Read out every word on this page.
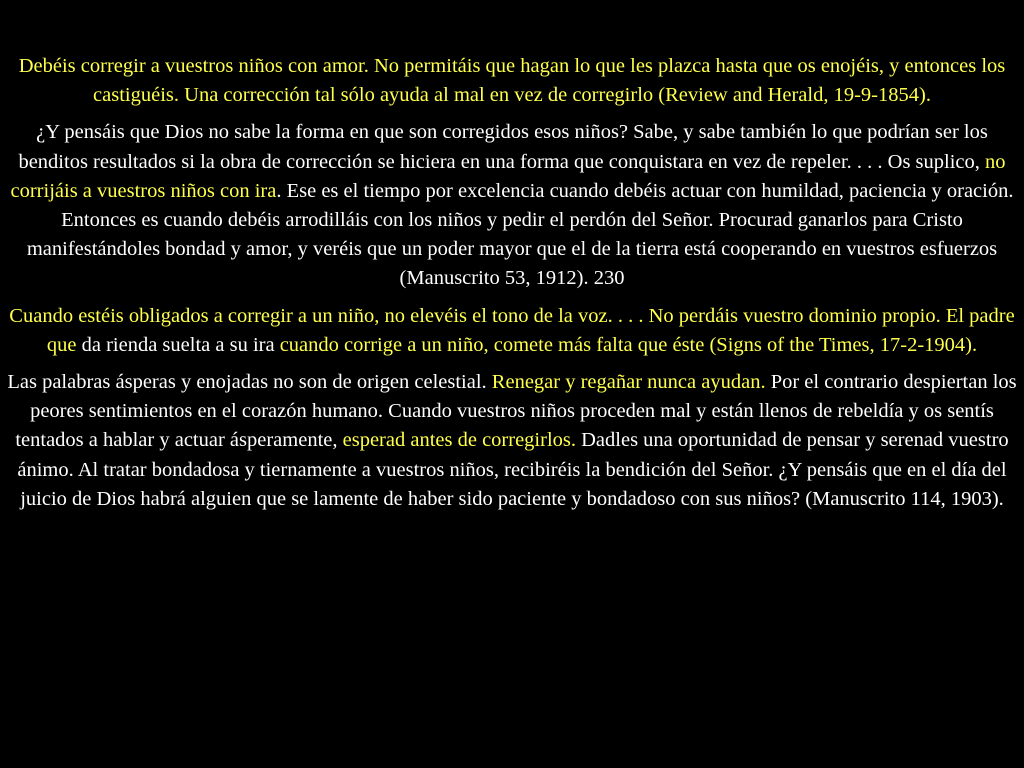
Debéis corregir a vuestros niños con amor. No permitáis que hagan lo que les plazca hasta que os enojéis, y entonces los castiguéis. Una corrección tal sólo ayuda al mal en vez de corregirlo (Review and Herald, 19-9-1854).

¿Y pensáis que Dios no sabe la forma en que son corregidos esos niños? Sabe, y sabe también lo que podrían ser los benditos resultados si la obra de corrección se hiciera en una forma que conquistara en vez de repeler. . . . Os suplico, no corrijáis a vuestros niños con ira. Ese es el tiempo por excelencia cuando debéis actuar con humildad, paciencia y oración. Entonces es cuando debéis arrodilláis con los niños y pedir el perdón del Señor. Procurad ganarlos para Cristo manifestándoles bondad y amor, y veréis que un poder mayor que el de la tierra está cooperando en vuestros esfuerzos (Manuscrito 53, 1912). 230

Cuando estéis obligados a corregir a un niño, no elevéis el tono de la voz. . . . No perdáis vuestro dominio propio. El padre que da rienda suelta a su ira cuando corrige a un niño, comete más falta que éste (Signs of the Times, 17-2-1904).

Las palabras ásperas y enojadas no son de origen celestial. Renegar y regañar nunca ayudan. Por el contrario despiertan los peores sentimientos en el corazón humano. Cuando vuestros niños proceden mal y están llenos de rebeldía y os sentís tentados a hablar y actuar ásperamente, esperad antes de corregirlos. Dadles una oportunidad de pensar y serenad vuestro ánimo. Al tratar bondadosa y tiernamente a vuestros niños, recibiréis la bendición del Señor. ¿Y pensáis que en el día del juicio de Dios habrá alguien que se lamente de haber sido paciente y bondadoso con sus niños? (Manuscrito 114, 1903).
